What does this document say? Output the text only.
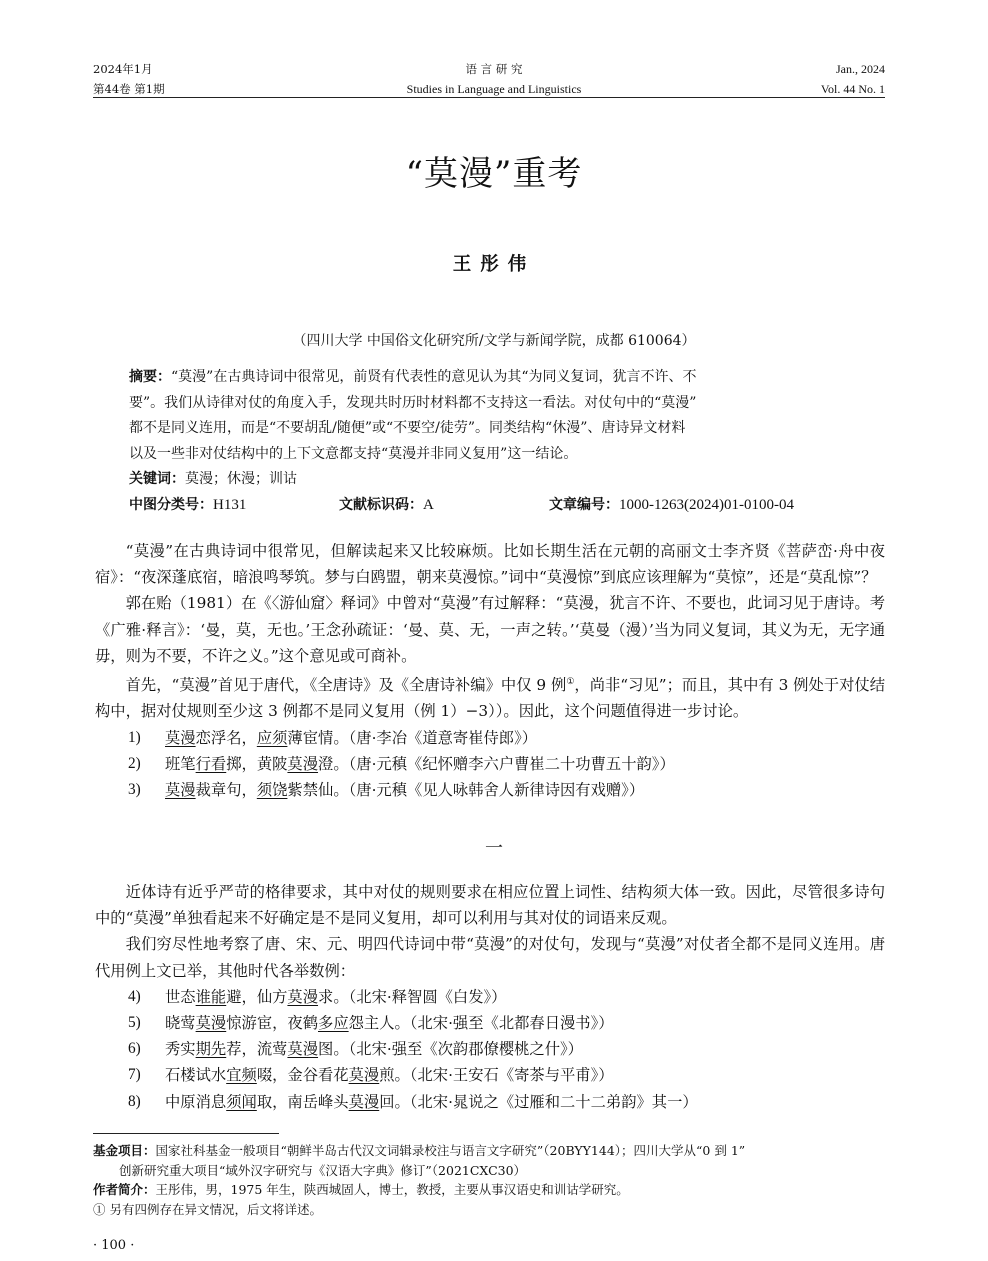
2024年1月
第44卷 第1期
语 言 研 究
Studies in Language and Linguistics
Jan., 2024
Vol. 44 No. 1
“莫漫”重考
王彤伟
（四川大学 中国俗文化研究所/文学与新闻学院，成都 610064）
摘要：“莫漫”在古典诗词中很常见，前贤有代表性的意见认为其“为同义复词，犹言不许、不
要”。我们从诗律对仗的角度入手，发现共时历时材料都不支持这一看法。对仗句中的“莫漫”
都不是同义连用，而是“不要胡乱/随便”或“不要空/徒劳”。同类结构“休漫”、唐诗异文材料
以及一些非对仗结构中的上下文意都支持“莫漫并非同义复用”这一结论。
关键词：莫漫；休漫；训诂
中图分类号：H131	文献标识码：A	文章编号：1000-1263(2024)01-0100-04

“莫漫”在古典诗词中很常见，但解读起来又比较麻烦。比如长期生活在元朝的高丽文士李齐贤《菩萨峦·舟中夜宿》：“夜深蓬底宿，暗浪鸣琴筑。梦与白鸥盟，朝来莫漫惊。”词中“莫漫惊”到底应该理解为“莫惊”，还是“莫乱惊”？

郭在贻（1981）在《〈游仙窟〉释词》中曾对“莫漫”有过解释：“莫漫，犹言不许、不要也，此词习见于唐诗。考《广雅·释言》：‘曼，莫，无也。’王念孙疏证：‘曼、莫、无，一声之转。’‘莫曼（漫）’当为同义复词，其义为无，无字通毋，则为不要，不许之义。”这个意见或可商补。

首先，“莫漫”首见于唐代，《全唐诗》及《全唐诗补编》中仅 9 例①，尚非“习见”；而且，其中有 3 例处于对仗结构中，据对仗规则至少这 3 例都不是同义复用（例 1）−3））。因此，这个问题值得进一步讨论。

1) 莫漫恋浮名，应须薄宦情。（唐·李冶《道意寄崔侍郎》）
2) 班笔行看掷，黄陂莫漫澄。（唐·元稹《纪怀赠李六户曹崔二十功曹五十韵》）
3) 莫漫裁章句，须饶紫禁仙。（唐·元稹《见人咏韩舍人新律诗因有戏赠》）
一

近体诗有近乎严苛的格律要求，其中对仗的规则要求在相应位置上词性、结构须大体一致。因此，尽管很多诗句中的“莫漫”单独看起来不好确定是不是同义复用，却可以利用与其对仗的词语来反观。

我们穷尽性地考察了唐、宋、元、明四代诗词中带“莫漫”的对仗句，发现与“莫漫”对仗者全都不是同义连用。唐代用例上文已举，其他时代各举数例：

4) 世态谁能避，仙方莫漫求。（北宋·释智圆《白发》）
5) 晓莺莫漫惊游宦，夜鹤多应怨主人。（北宋·强至《北都春日漫书》）
6) 秀实期先荐，流莺莫漫图。（北宋·强至《次韵郡僚樱桃之什》）
7) 石楼试水宜频啜，金谷看花莫漫煎。（北宋·王安石《寄茶与平甫》）
8) 中原消息须闻取，南岳峰头莫漫回。（北宋·晁说之《过雁和二十二弟韵》其一）
基金项目：国家社科基金一般项目“朝鲜半岛古代汉文词辑录校注与语言文字研究”（20BYY144）；四川大学从“0 到 1”
创新研究重大项目“域外汉字研究与《汉语大字典》修订”（2021CXC30）
作者简介：王彤伟，男，1975 年生，陕西城固人，博士，教授，主要从事汉语史和训诂学研究。
① 另有四例存在异文情况，后文将详述。
· 100 ·
